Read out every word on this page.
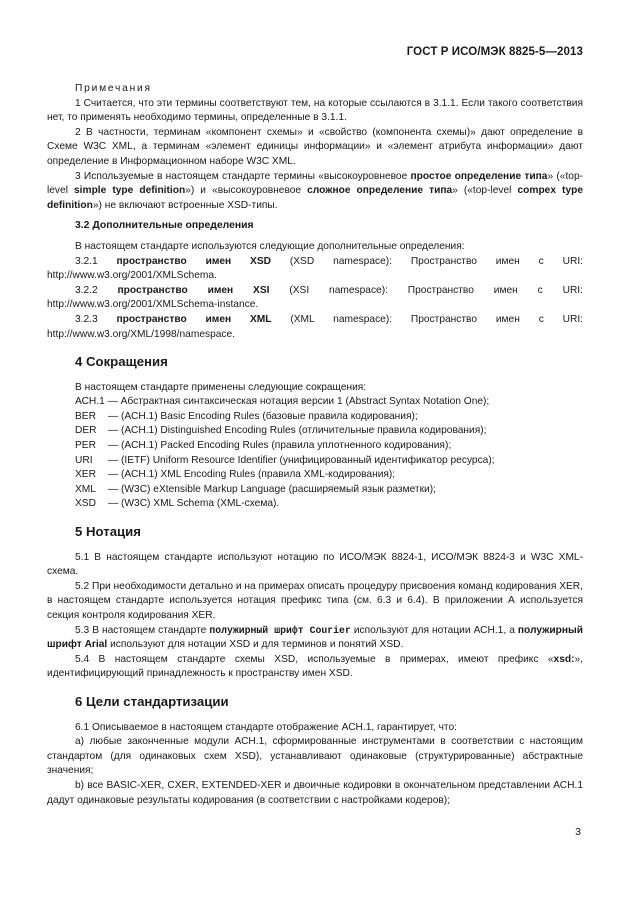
ГОСТ Р ИСО/МЭК 8825-5—2013

Примечания

1 Считается, что эти термины соответствуют тем, на которые ссылаются в 3.1.1. Если такого соответствия нет, то применять необходимо термины, определенные в 3.1.1.

2 В частности, терминам «компонент схемы» и «свойство (компонента схемы)» дают определение в Схеме W3C XML, а терминам «элемент единицы информации» и «элемент атрибута информации» дают определение в Информационном наборе W3C XML.

3 Используемые в настоящем стандарте термины «высокоуровневое простое определение типа» («top-level simple type definition») и «высокоуровневое сложное определение типа» («top-level compex type definition») не включают встроенные XSD-типы.

3.2 Дополнительные определения

В настоящем стандарте используются следующие дополнительные определения:

3.2.1 пространство имен XSD (XSD namespace): Пространство имен с URI: http://www.w3.org/2001/XMLSchema.

3.2.2 пространство имен XSI (XSI namespace): Пространство имен с URI: http://www.w3.org/2001/XMLSchema-instance.

3.2.3 пространство имен XML (XML namespace): Пространство имен с URI: http://www.w3.org/XML/1998/namespace.

4 Сокращения

В настоящем стандарте применены следующие сокращения:

АСН.1 — Абстрактная синтаксическая нотация версии 1 (Abstract Syntax Notation One);

BER	— (АСН.1) Basic Encoding Rules (базовые правила кодирования);
DER	— (АСН.1) Distinguished Encoding Rules (отличительные правила кодирования);
PER	— (АСН.1) Packed Encoding Rules (правила уплотненного кодирования);
URI	— (IETF) Uniform Resource Identifier (унифицированный идентификатор ресурса);
XER	— (АСН.1) XML Encoding Rules (правила XML-кодирования);
XML	— (W3C) eXtensible Markup Language (расширяемый язык разметки);
XSD	— (W3C) XML Schema (XML-схема).

5 Нотация

5.1 В настоящем стандарте используют нотацию по ИСО/МЭК 8824-1, ИСО/МЭК 8824-3 и W3C XML-схема.

5.2 При необходимости детально и на примерах описать процедуру присвоения команд кодирования XER, в настоящем стандарте используется нотация префикс типа (см. 6.3 и 6.4). В приложении А используется секция контроля кодирования XER.

5.3 В настоящем стандарте полужирный шрифт Courier используют для нотации АСН.1, а полужирный шрифт Arial используют для нотации XSD и для терминов и понятий XSD.

5.4 В настоящем стандарте схемы XSD, используемые в примерах, имеют префикс «xsd:», идентифицирующий принадлежность к пространству имен XSD.

6 Цели стандартизации

6.1 Описываемое в настоящем стандарте отображение АСН.1, гарантирует, что:

a) любые законченные модули АСН.1, сформированные инструментами в соответствии с настоящим стандартом (для одинаковых схем XSD), устанавливают одинаковые (структурированные) абстрактные значения;

b) все BASIC-XER, CXER, EXTENDED-XER и двоичные кодировки в окончательном представлении АСН.1 дадут одинаковые результаты кодирования (в соответствии с настройками кодеров);

3
